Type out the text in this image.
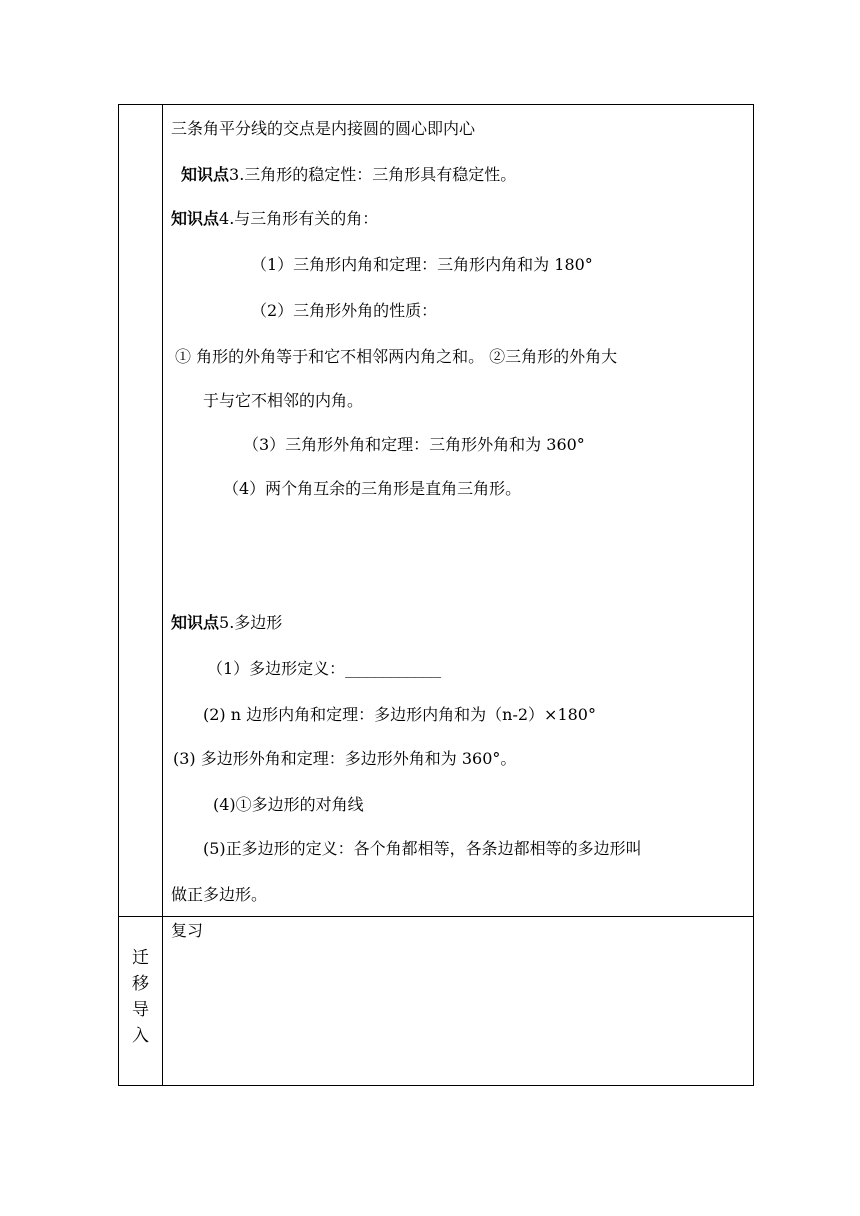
三条角平分线的交点是内接圆的圆心即内心
知识点3.三角形的稳定性：三角形具有稳定性。
知识点4.与三角形有关的角：
（1）三角形内角和定理：三角形内角和为 180°
（2）三角形外角的性质：
① 角形的外角等于和它不相邻两内角之和。 ②三角形的外角大
于与它不相邻的内角。
（3）三角形外角和定理：三角形外角和为 360°
（4）两个角互余的三角形是直角三角形。
知识点5.多边形
（1）多边形定义：____________
(2) n 边形内角和定理：多边形内角和为（n-2）×180°
(3) 多边形外角和定理：多边形外角和为 360°。
(4)①多边形的对角线
(5)正多边形的定义：各个角都相等，各条边都相等的多边形叫
做正多边形。
迁
移
导
入
复习
